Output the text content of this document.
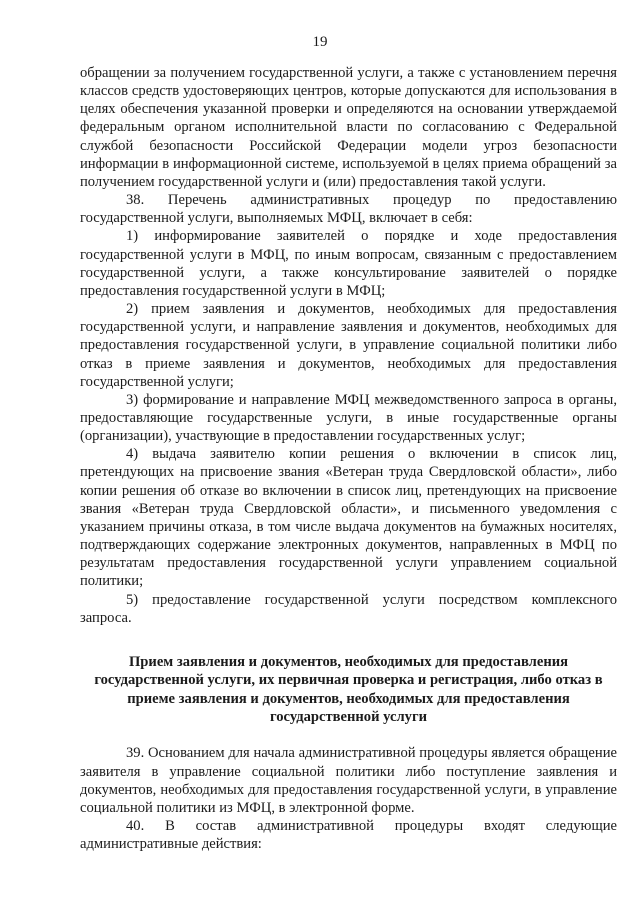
19

обращении за получением государственной услуги, а также с установлением перечня классов средств удостоверяющих центров, которые допускаются для использования в целях обеспечения указанной проверки и определяются на основании утверждаемой федеральным органом исполнительной власти по согласованию с Федеральной службой безопасности Российской Федерации модели угроз безопасности информации в информационной системе, используемой в целях приема обращений за получением государственной услуги и (или) предоставления такой услуги.

38. Перечень административных процедур по предоставлению государственной услуги, выполняемых МФЦ, включает в себя:

1) информирование заявителей о порядке и ходе предоставления государственной услуги в МФЦ, по иным вопросам, связанным с предоставлением государственной услуги, а также консультирование заявителей о порядке предоставления государственной услуги в МФЦ;

2) прием заявления и документов, необходимых для предоставления государственной услуги, и направление заявления и документов, необходимых для предоставления государственной услуги, в управление социальной политики либо отказ в приеме заявления и документов, необходимых для предоставления государственной услуги;

3) формирование и направление МФЦ межведомственного запроса в органы, предоставляющие государственные услуги, в иные государственные органы (организации), участвующие в предоставлении государственных услуг;

4) выдача заявителю копии решения о включении в список лиц, претендующих на присвоение звания «Ветеран труда Свердловской области», либо копии решения об отказе во включении в список лиц, претендующих на присвоение звания «Ветеран труда Свердловской области», и письменного уведомления с указанием причины отказа, в том числе выдача документов на бумажных носителях, подтверждающих содержание электронных документов, направленных в МФЦ по результатам предоставления государственной услуги управлением социальной политики;

5) предоставление государственной услуги посредством комплексного запроса.

Прием заявления и документов, необходимых для предоставления государственной услуги, их первичная проверка и регистрация, либо отказ в приеме заявления и документов, необходимых для предоставления государственной услуги

39. Основанием для начала административной процедуры является обращение заявителя в управление социальной политики либо поступление заявления и документов, необходимых для предоставления государственной услуги, в управление социальной политики из МФЦ, в электронной форме.

40. В состав административной процедуры входят следующие административные действия:
